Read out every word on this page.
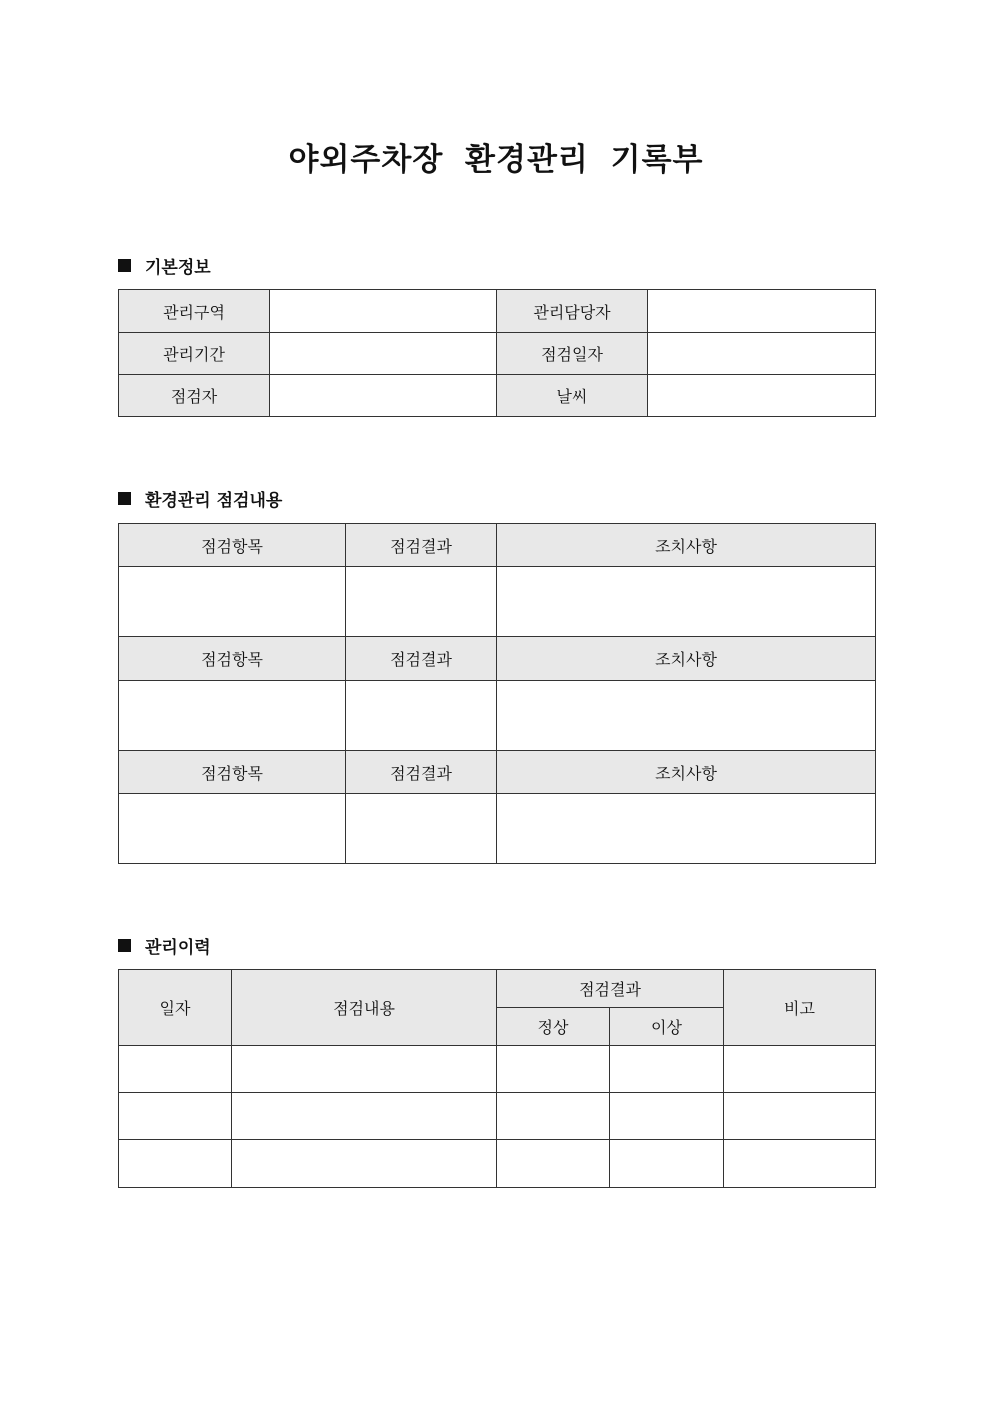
야외주차장 환경관리 기록부
기본정보
관리구역		관리담당자	
관리기간		점검일자	
점검자		날씨	
환경관리 점검내용
점검항목	점검결과	조치사항

점검항목	점검결과	조치사항

점검항목	점검결과	조치사항

관리이력
일자	점검내용	점검결과		비고
		정상	이상	
